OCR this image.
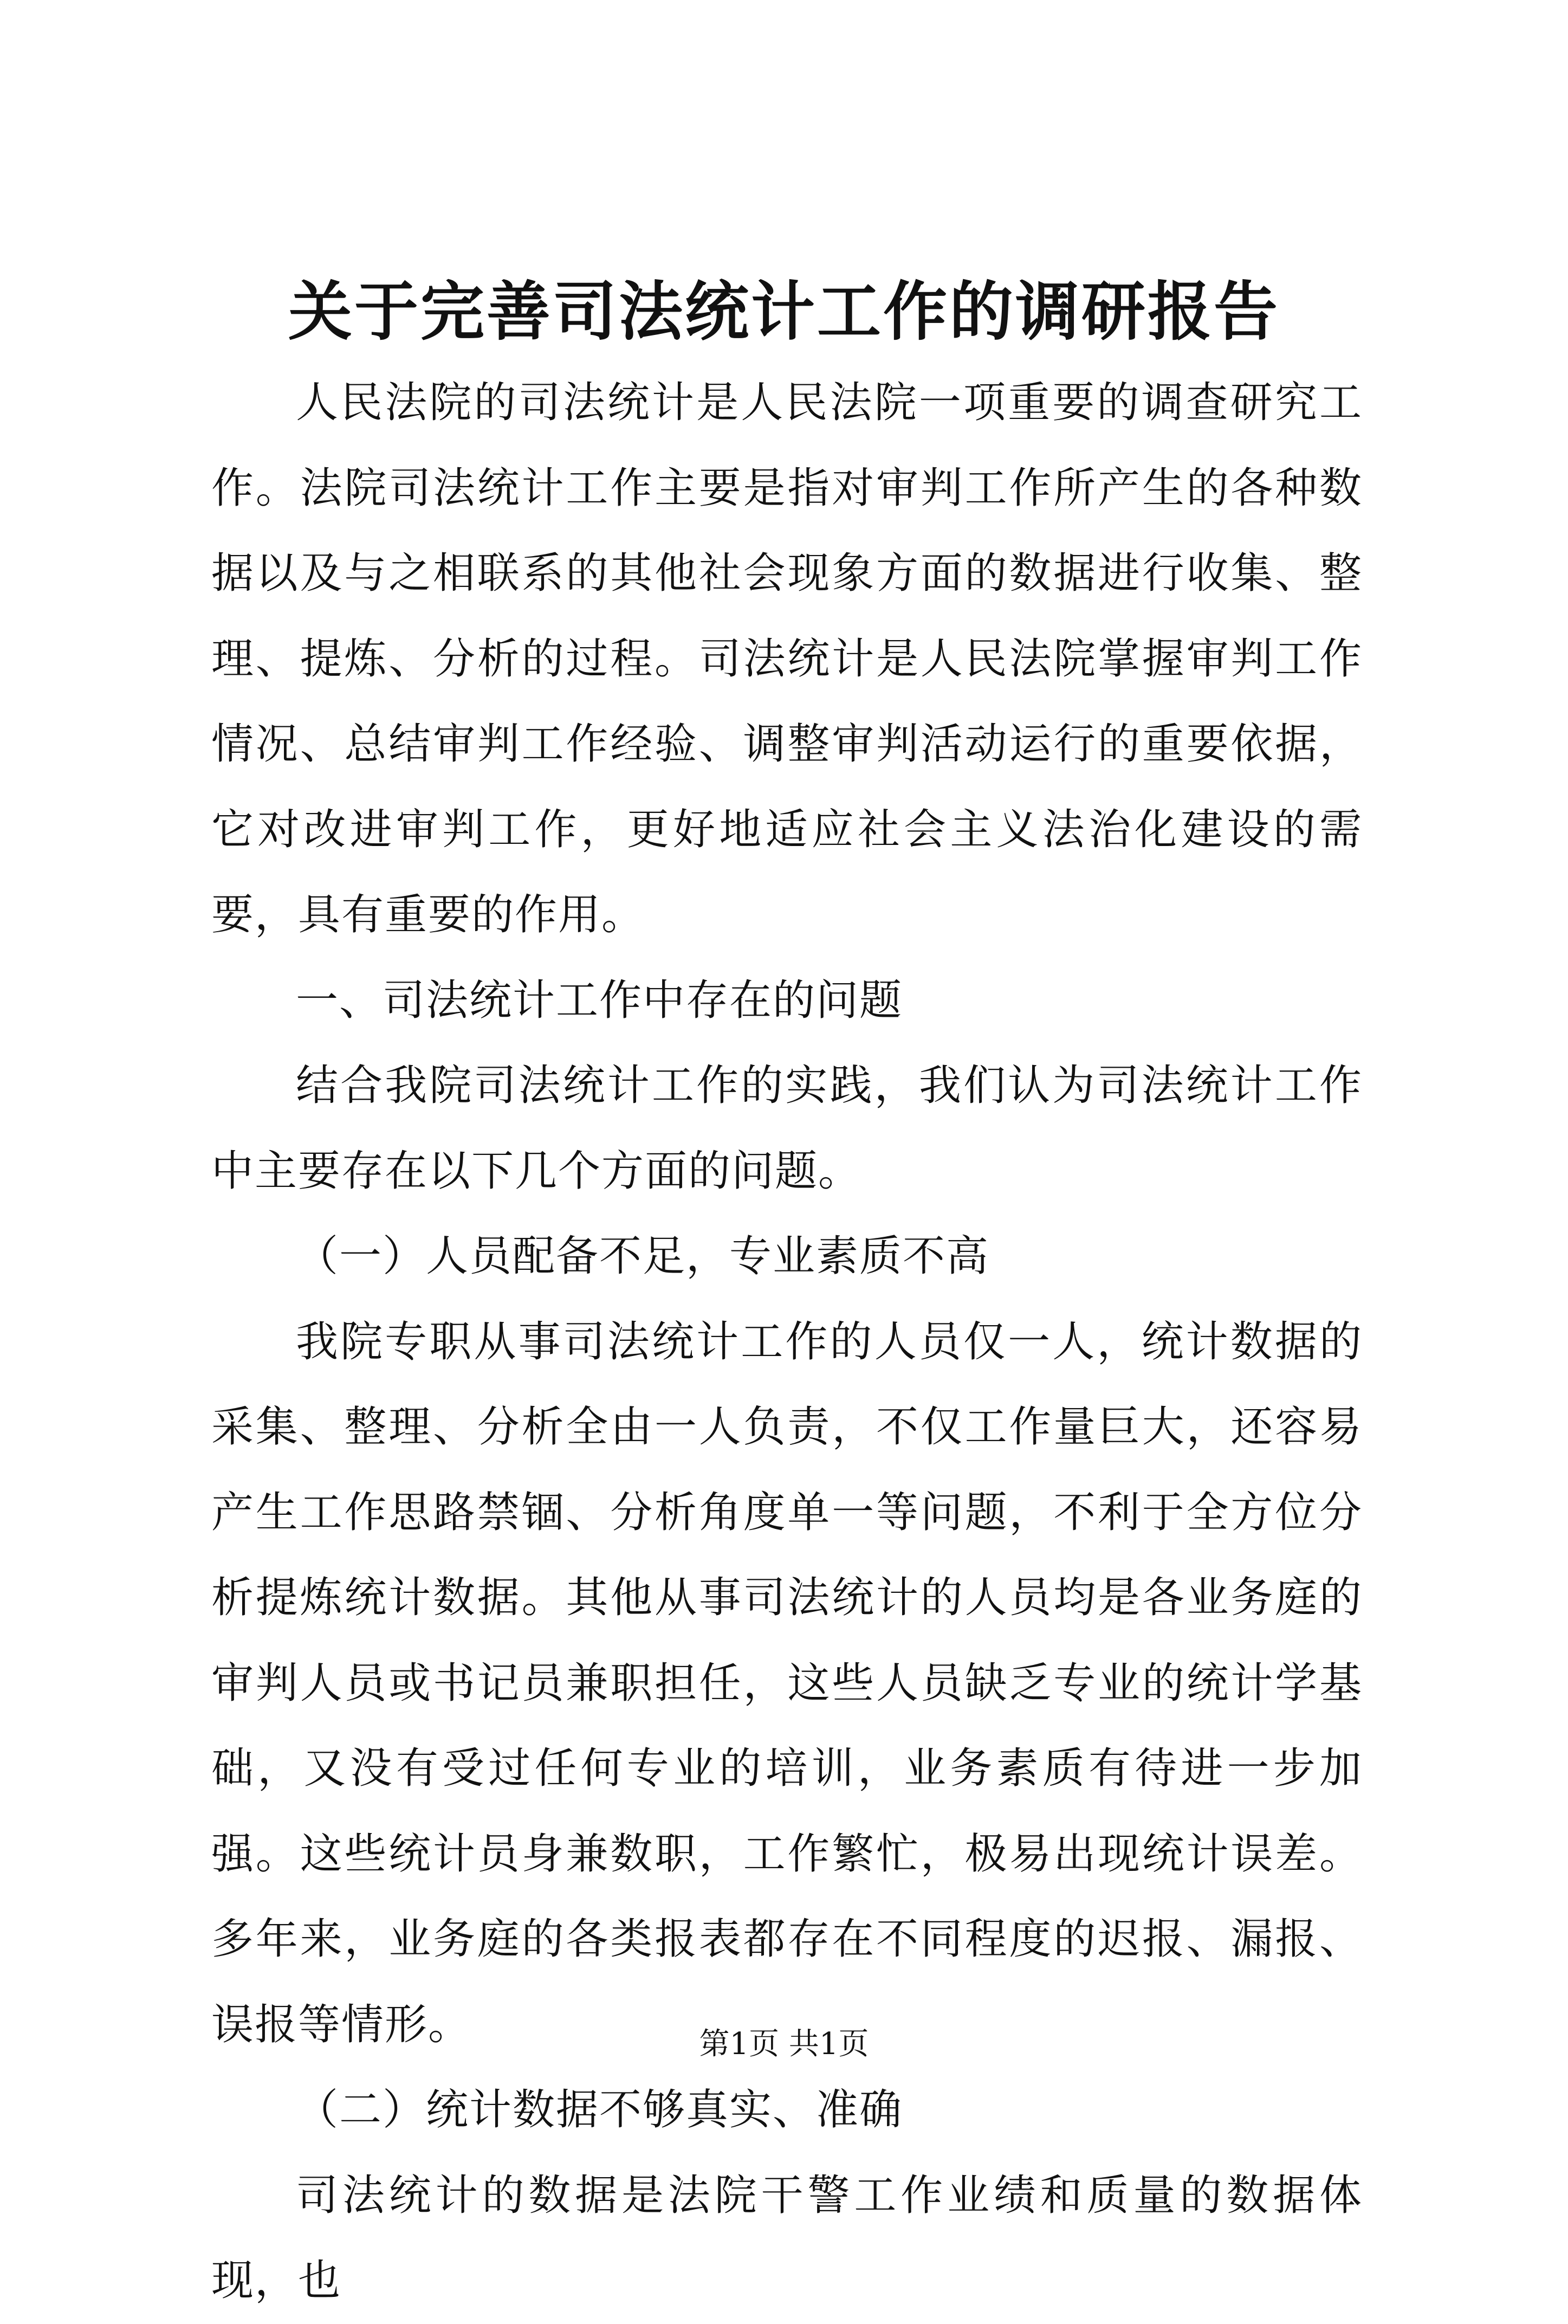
关于完善司法统计工作的调研报告

人民法院的司法统计是人民法院一项重要的调查研究工作。法院司法统计工作主要是指对审判工作所产生的各种数据以及与之相联系的其他社会现象方面的数据进行收集、整理、提炼、分析的过程。司法统计是人民法院掌握审判工作情况、总结审判工作经验、调整审判活动运行的重要依据，它对改进审判工作，更好地适应社会主义法治化建设的需要，具有重要的作用。

一、司法统计工作中存在的问题

结合我院司法统计工作的实践，我们认为司法统计工作中主要存在以下几个方面的问题。

（一）人员配备不足，专业素质不高

我院专职从事司法统计工作的人员仅一人，统计数据的采集、整理、分析全由一人负责，不仅工作量巨大，还容易产生工作思路禁锢、分析角度单一等问题，不利于全方位分析提炼统计数据。其他从事司法统计的人员均是各业务庭的审判人员或书记员兼职担任，这些人员缺乏专业的统计学基础，又没有受过任何专业的培训，业务素质有待进一步加强。这些统计员身兼数职，工作繁忙，极易出现统计误差。多年来，业务庭的各类报表都存在不同程度的迟报、漏报、误报等情形。

（二）统计数据不够真实、准确

司法统计的数据是法院干警工作业绩和质量的数据体现，也

第1页 共1页
